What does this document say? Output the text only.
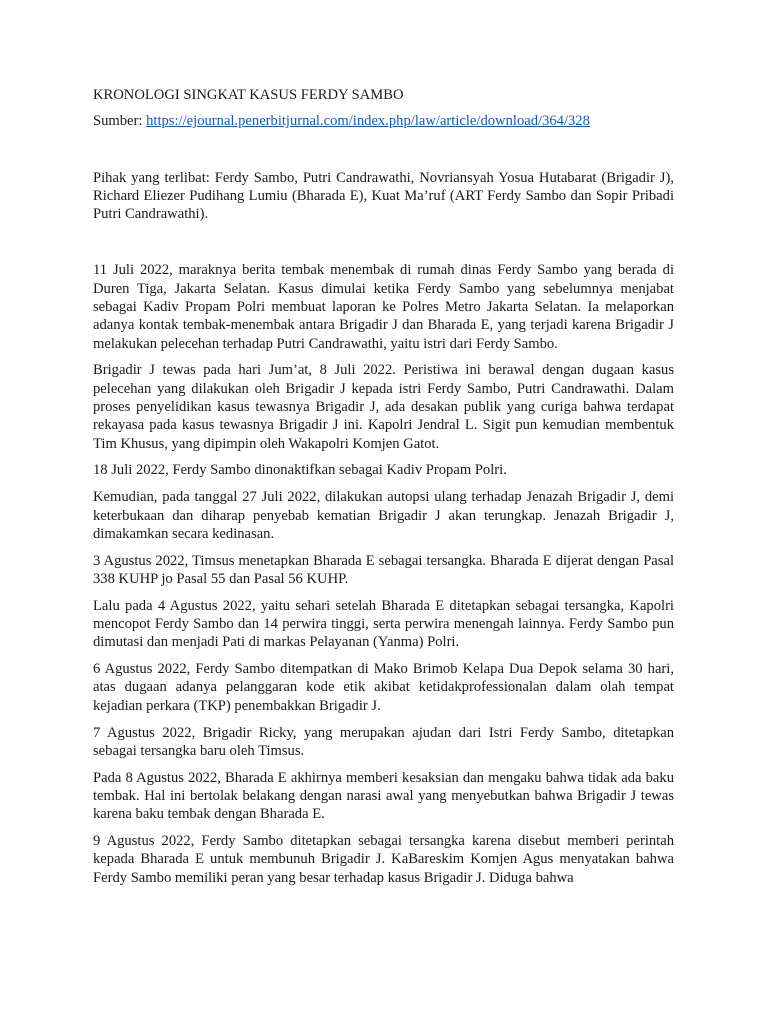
KRONOLOGI SINGKAT KASUS FERDY SAMBO

Sumber: https://ejournal.penerbitjurnal.com/index.php/law/article/download/364/328

Pihak yang terlibat: Ferdy Sambo, Putri Candrawathi, Novriansyah Yosua Hutabarat (Brigadir J), Richard Eliezer Pudihang Lumiu (Bharada E), Kuat Ma’ruf (ART Ferdy Sambo dan Sopir Pribadi Putri Candrawathi).

11 Juli 2022, maraknya berita tembak menembak di rumah dinas Ferdy Sambo yang berada di Duren Tiga, Jakarta Selatan. Kasus dimulai ketika Ferdy Sambo yang sebelumnya menjabat sebagai Kadiv Propam Polri membuat laporan ke Polres Metro Jakarta Selatan. Ia melaporkan adanya kontak tembak-menembak antara Brigadir J dan Bharada E, yang terjadi karena Brigadir J melakukan pelecehan terhadap Putri Candrawathi, yaitu istri dari Ferdy Sambo.

Brigadir J tewas pada hari Jum’at, 8 Juli 2022. Peristiwa ini berawal dengan dugaan kasus pelecehan yang dilakukan oleh Brigadir J kepada istri Ferdy Sambo, Putri Candrawathi. Dalam proses penyelidikan kasus tewasnya Brigadir J, ada desakan publik yang curiga bahwa terdapat rekayasa pada kasus tewasnya Brigadir J ini. Kapolri Jendral L. Sigit pun kemudian membentuk Tim Khusus, yang dipimpin oleh Wakapolri Komjen Gatot.

18 Juli 2022, Ferdy Sambo dinonaktifkan sebagai Kadiv Propam Polri.

Kemudian, pada tanggal 27 Juli 2022, dilakukan autopsi ulang terhadap Jenazah Brigadir J, demi keterbukaan dan diharap penyebab kematian Brigadir J akan terungkap. Jenazah Brigadir J, dimakamkan secara kedinasan.

3 Agustus 2022, Timsus menetapkan Bharada E sebagai tersangka. Bharada E dijerat dengan Pasal 338 KUHP jo Pasal 55 dan Pasal 56 KUHP.

Lalu pada 4 Agustus 2022, yaitu sehari setelah Bharada E ditetapkan sebagai tersangka, Kapolri mencopot Ferdy Sambo dan 14 perwira tinggi, serta perwira menengah lainnya. Ferdy Sambo pun dimutasi dan menjadi Pati di markas Pelayanan (Yanma) Polri.

6 Agustus 2022, Ferdy Sambo ditempatkan di Mako Brimob Kelapa Dua Depok selama 30 hari, atas dugaan adanya pelanggaran kode etik akibat ketidakprofessionalan dalam olah tempat kejadian perkara (TKP) penembakkan Brigadir J.

7 Agustus 2022, Brigadir Ricky, yang merupakan ajudan dari Istri Ferdy Sambo, ditetapkan sebagai tersangka baru oleh Timsus.

Pada 8 Agustus 2022, Bharada E akhirnya memberi kesaksian dan mengaku bahwa tidak ada baku tembak. Hal ini bertolak belakang dengan narasi awal yang menyebutkan bahwa Brigadir J tewas karena baku tembak dengan Bharada E.

9 Agustus 2022, Ferdy Sambo ditetapkan sebagai tersangka karena disebut memberi perintah kepada Bharada E untuk membunuh Brigadir J. KaBareskim Komjen Agus menyatakan bahwa Ferdy Sambo memiliki peran yang besar terhadap kasus Brigadir J. Diduga bahwa
